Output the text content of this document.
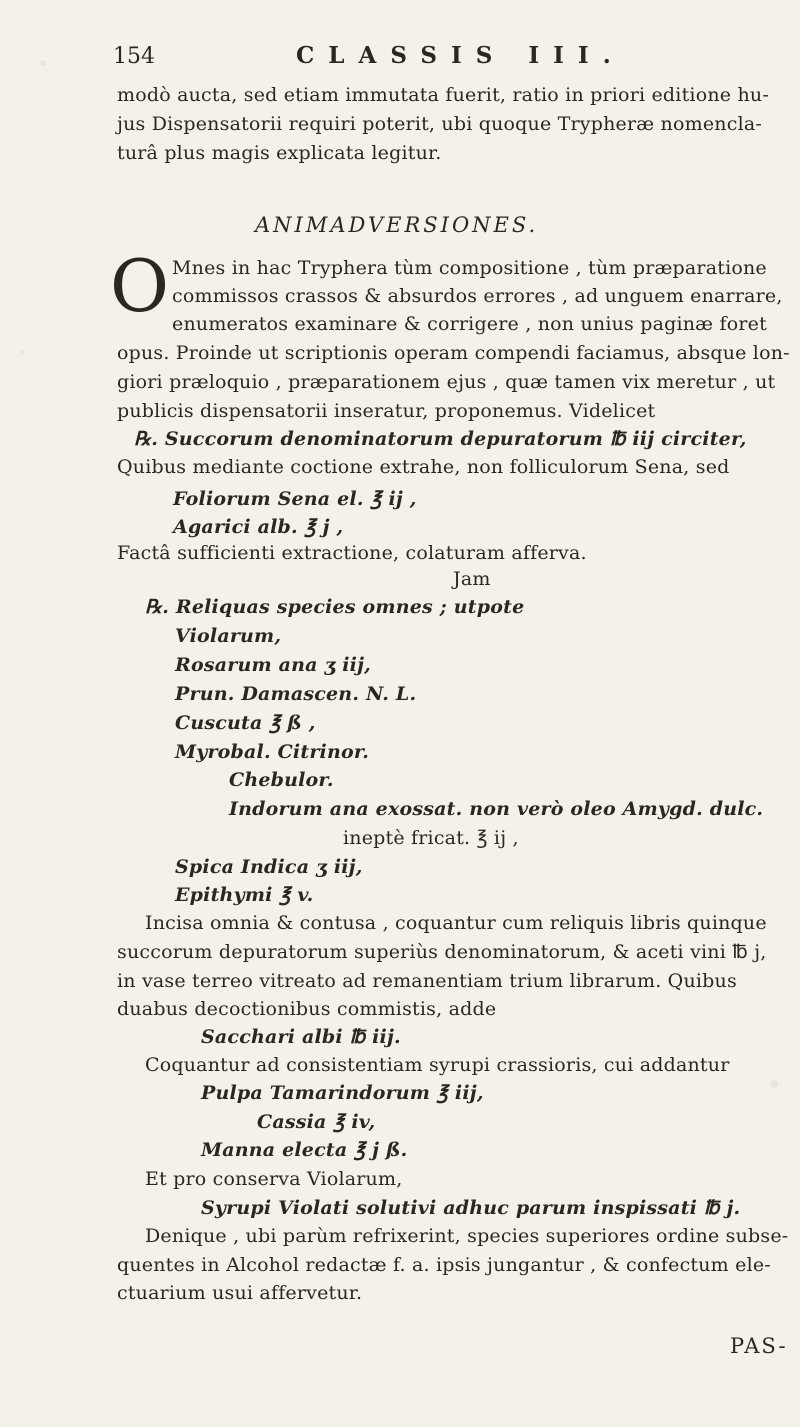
154	CLASSIS III.
modò aucta, sed etiam immutata fuerit, ratio in priori editione hu-
jus Dispensatorii requiri poterit, ubi quoque Trypheræ nomencla-
turâ plus magis explicata legitur.
ANIMADVERSIONES.
O Mnes in hac Tryphera tùm compositione , tùm præparatione
commissos crassos & absurdos errores , ad unguem enarrare,
enumeratos examinare & corrigere , non unius paginæ foret
opus. Proinde ut scriptionis operam compendi faciamus, absque lon-
giori præloquio , præparationem ejus , quæ tamen vix meretur , ut
publicis dispensatorii inseratur, proponemus. Videlicet
℞. Succorum denominatorum depuratorum ℔ iij circiter,
Quibus mediante coctione extrahe, non folliculorum Sena, sed
Foliorum Sena el. ℥ ij ,
Agarici alb. ℥ j ,
Factâ sufficienti extractione, colaturam afferva.
Jam
℞. Reliquas species omnes ; utpote
Violarum,
Rosarum ana ʒ iij,
Prun. Damascen. N. L.
Cuscuta ℥ ß ,
Myrobal. Citrinor.
Chebulor.
Indorum ana exossat. non verò oleo Amygd. dulc.
ineptè fricat. ℥ ij ,
Spica Indica ʒ iij,
Epithymi ℥ v.
Incisa omnia & contusa , coquantur cum reliquis libris quinque
succorum depuratorum superiùs denominatorum, & aceti vini ℔ j,
in vase terreo vitreato ad remanentiam trium librarum. Quibus
duabus decoctionibus commistis, adde
Sacchari albi ℔ iij.
Coquantur ad consistentiam syrupi crassioris, cui addantur
Pulpa Tamarindorum ℥ iij,
Cassia ℥ iv,
Manna electa ℥ j ß.
Et pro conserva Violarum,
Syrupi Violati solutivi adhuc parum inspissati ℔ j.
Denique , ubi parùm refrixerint, species superiores ordine subse-
quentes in Alcohol redactæ f. a. ipsis jungantur , & confectum ele-
ctuarium usui affervetur.
PAS-
